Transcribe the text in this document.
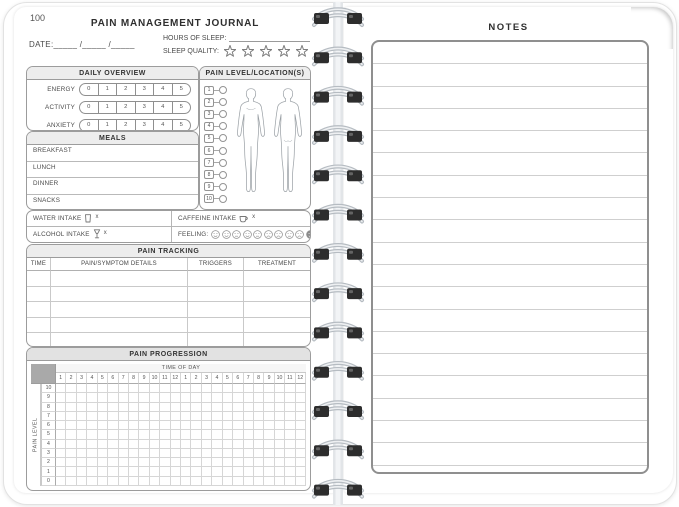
100	PAIN MANAGEMENT JOURNAL
DATE:_____ /_____ /_____
HOURS OF SLEEP:
SLEEP QUALITY:
DAILY OVERVIEW
ENERGY	0	1	2	3	4	5
ACTIVITY	0	1	2	3	4	5
ANXIETY	0	1	2	3	4	5
MEALS
BREAKFAST
LUNCH
DINNER
SNACKS
PAIN LEVEL/LOCATION(S)
1
2
3
4
5
6
7
8
9
10
WATER INTAKE x	CAFFEINE INTAKE	x
ALCOHOL INTAKE x	FEELING:
PAIN TRACKING
TIME	PAIN/SYMPTOM DETAILS	TRIGGERS	TREATMENT
PAIN PROGRESSION
TIME OF DAY
1	2	3	4	5	6	7	8	9	10 11 12	1	2	3	4	5	6	7	8	9	10 11 12
PAIN LEVEL
10
9
8
7
6
5
4
3
2
1
0
NOTES
